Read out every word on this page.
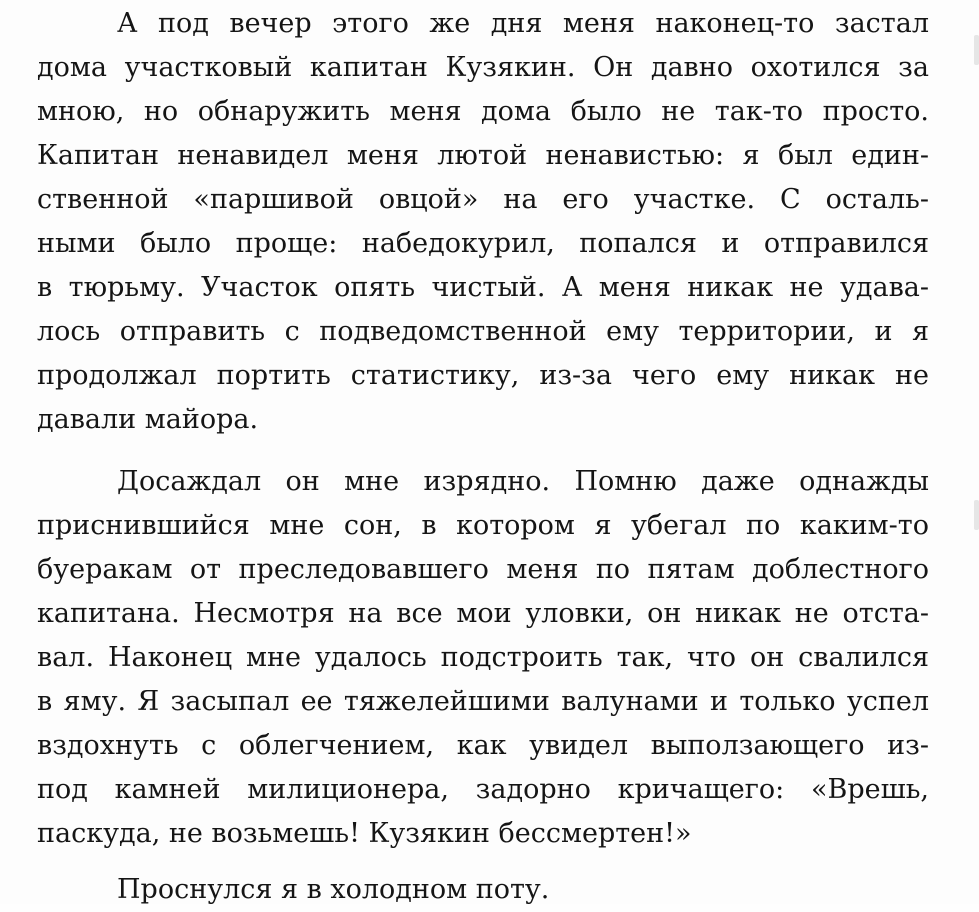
А под вечер этого же дня меня наконец-то застал
дома участковый капитан Кузякин. Он давно охотился за
мною, но обнаружить меня дома было не так-то просто.
Капитан ненавидел меня лютой ненавистью: я был един-
ственной «паршивой овцой» на его участке. С осталь-
ными было проще: набедокурил, попался и отправился
в тюрьму. Участок опять чистый. А меня никак не удава-
лось отправить с подведомственной ему территории, и я
продолжал портить статистику, из-за чего ему никак не
давали майора.
Досаждал он мне изрядно. Помню даже однажды
приснившийся мне сон, в котором я убегал по каким-то
буеракам от преследовавшего меня по пятам доблестного
капитана. Несмотря на все мои уловки, он никак не отста-
вал. Наконец мне удалось подстроить так, что он свалился
в яму. Я засыпал ее тяжелейшими валунами и только успел
вздохнуть с облегчением, как увидел выползающего из-
под камней милиционера, задорно кричащего: «Врешь,
паскуда, не возьмешь! Кузякин бессмертен!»
Проснулся я в холодном поту.
